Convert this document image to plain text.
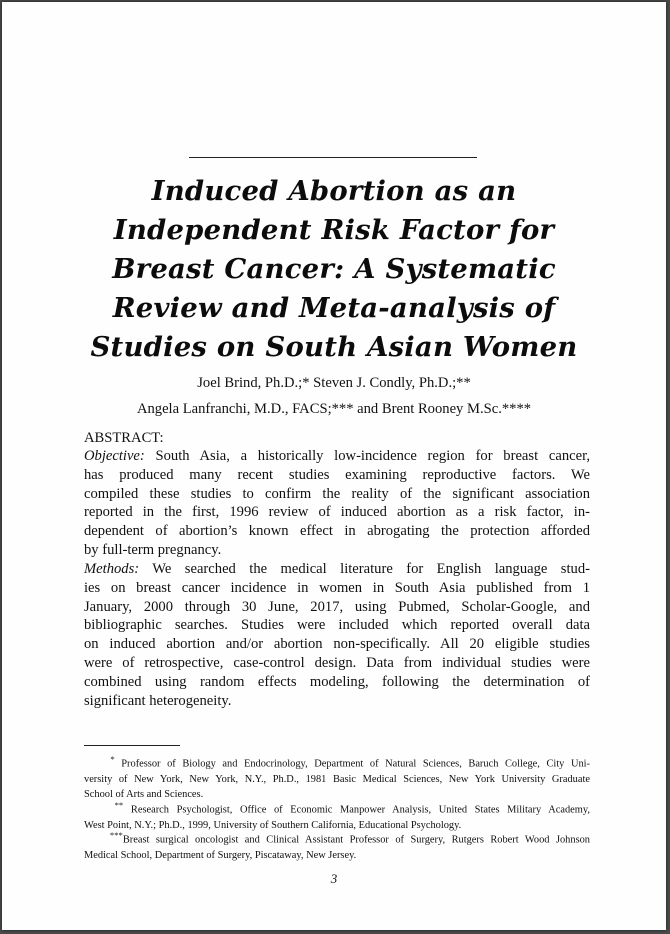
Induced Abortion as an
Independent Risk Factor for
Breast Cancer: A Systematic
Review and Meta-analysis of
Studies on South Asian Women
Joel Brind, Ph.D.;* Steven J. Condly, Ph.D.;**
Angela Lanfranchi, M.D., FACS;*** and Brent Rooney M.Sc.****
ABSTRACT:
Objective: South Asia, a historically low-incidence region for breast cancer,
has produced many recent studies examining reproductive factors. We
compiled these studies to confirm the reality of the significant association
reported in the first, 1996 review of induced abortion as a risk factor, in-
dependent of abortion’s known effect in abrogating the protection afforded
by full-term pregnancy.
Methods: We searched the medical literature for English language stud-
ies on breast cancer incidence in women in South Asia published from 1
January, 2000 through 30 June, 2017, using Pubmed, Scholar-Google, and
bibliographic searches. Studies were included which reported overall data
on induced abortion and/or abortion non-specifically. All 20 eligible studies
were of retrospective, case-control design. Data from individual studies were
combined using random effects modeling, following the determination of
significant heterogeneity.
* Professor of Biology and Endocrinology, Department of Natural Sciences, Baruch College, City Uni-
versity of New York, New York, N.Y., Ph.D., 1981 Basic Medical Sciences, New York University Graduate
School of Arts and Sciences.
** Research Psychologist, Office of Economic Manpower Analysis, United States Military Academy,
West Point, N.Y.; Ph.D., 1999, University of Southern California, Educational Psychology.
***Breast surgical oncologist and Clinical Assistant Professor of Surgery, Rutgers Robert Wood Johnson
Medical School, Department of Surgery, Piscataway, New Jersey.
3
